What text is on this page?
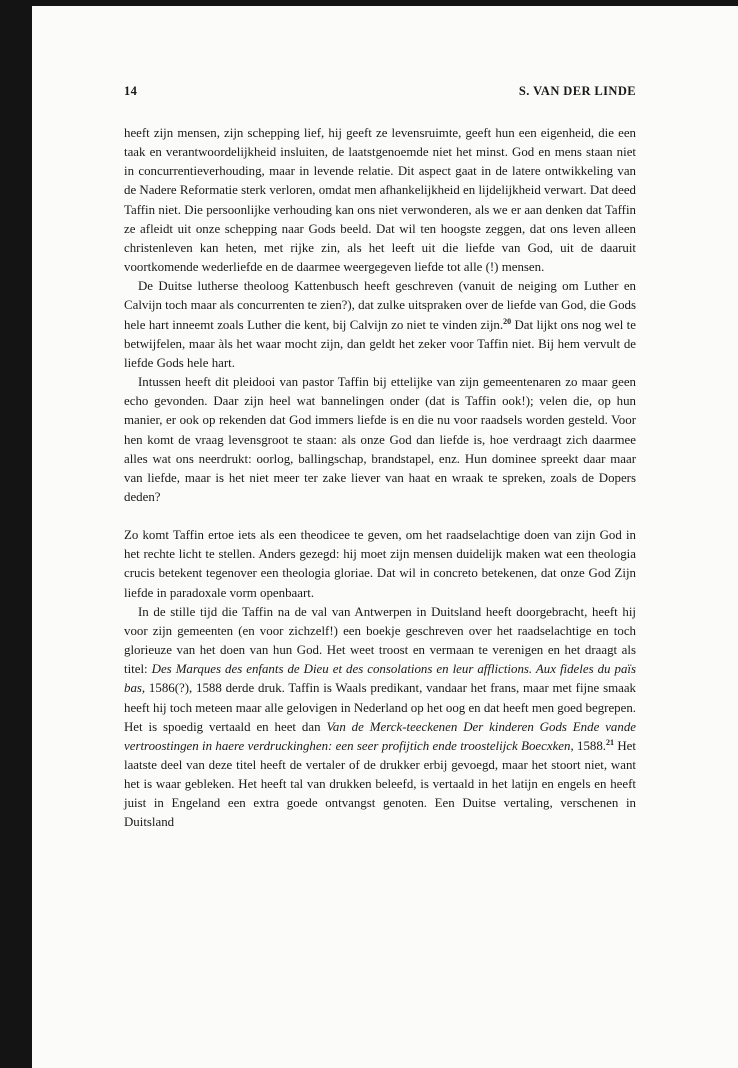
14	S. VAN DER LINDE

heeft zijn mensen, zijn schepping lief, hij geeft ze levensruimte, geeft hun een eigenheid, die een taak en verantwoordelijkheid insluiten, de laatstgenoemde niet het minst. God en mens staan niet in concurrentieverhouding, maar in levende relatie. Dit aspect gaat in de latere ontwikkeling van de Nadere Reformatie sterk verloren, omdat men afhankelijkheid en lijdelijkheid verwart. Dat deed Taffin niet. Die persoonlijke verhouding kan ons niet verwonderen, als we er aan denken dat Taffin ze afleidt uit onze schepping naar Gods beeld. Dat wil ten hoogste zeggen, dat ons leven alleen christenleven kan heten, met rijke zin, als het leeft uit die liefde van God, uit de daaruit voortkomende wederliefde en de daarmee weergegeven liefde tot alle (!) mensen.

De Duitse lutherse theoloog Kattenbusch heeft geschreven (vanuit de neiging om Luther en Calvijn toch maar als concurrenten te zien?), dat zulke uitspraken over de liefde van God, die Gods hele hart inneemt zoals Luther die kent, bij Calvijn zo niet te vinden zijn.$^{20}$ Dat lijkt ons nog wel te betwijfelen, maar àls het waar mocht zijn, dan geldt het zeker voor Taffin niet. Bij hem vervult de liefde Gods hele hart.

Intussen heeft dit pleidooi van pastor Taffin bij ettelijke van zijn gemeentenaren zo maar geen echo gevonden. Daar zijn heel wat bannelingen onder (dat is Taffin ook!); velen die, op hun manier, er ook op rekenden dat God immers liefde is en die nu voor raadsels worden gesteld. Voor hen komt de vraag levensgroot te staan: als onze God dan liefde is, hoe verdraagt zich daarmee alles wat ons neerdrukt: oorlog, ballingschap, brandstapel, enz. Hun dominee spreekt daar maar van liefde, maar is het niet meer ter zake liever van haat en wraak te spreken, zoals de Dopers deden?

Zo komt Taffin ertoe iets als een theodicee te geven, om het raadselachtige doen van zijn God in het rechte licht te stellen. Anders gezegd: hij moet zijn mensen duidelijk maken wat een theologia crucis betekent tegenover een theologia gloriae. Dat wil in concreto betekenen, dat onze God Zijn liefde in paradoxale vorm openbaart.

In de stille tijd die Taffin na de val van Antwerpen in Duitsland heeft doorgebracht, heeft hij voor zijn gemeenten (en voor zichzelf!) een boekje geschreven over het raadselachtige en toch glorieuze van het doen van hun God. Het weet troost en vermaan te verenigen en het draagt als titel: Des Marques des enfants de Dieu et des consolations en leur afflictions. Aux fideles du païs bas, 1586(?), 1588 derde druk. Taffin is Waals predikant, vandaar het frans, maar met fijne smaak heeft hij toch meteen maar alle gelovigen in Nederland op het oog en dat heeft men goed begrepen. Het is spoedig vertaald en heet dan Van de Merck-teeckenen Der kinderen Gods Ende vande vertroostingen in haere verdruckinghen: een seer profijtich ende troostelijck Boecxken, 1588.21 Het laatste deel van deze titel heeft de vertaler of de drukker erbij gevoegd, maar het stoort niet, want het is waar gebleken. Het heeft tal van drukken beleefd, is vertaald in het latijn en engels en heeft juist in Engeland een extra goede ontvangst genoten. Een Duitse vertaling, verschenen in Duitsland
